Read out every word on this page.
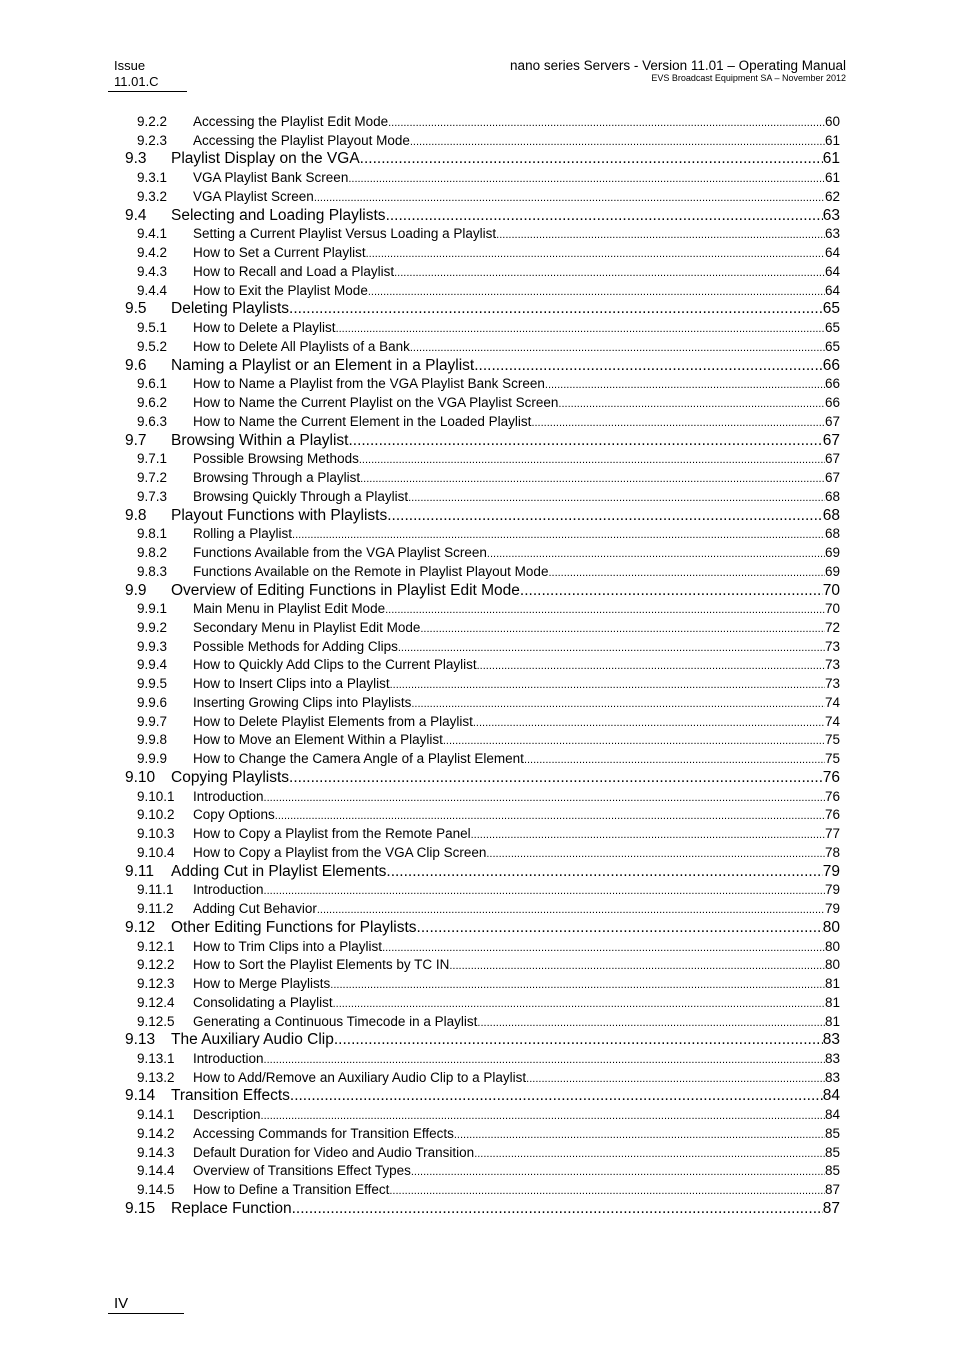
Issue
11.01.C
nano series Servers - Version 11.01 – Operating Manual
EVS Broadcast Equipment SA – November 2012
9.2.2	Accessing the Playlist Edit Mode .....	60
9.2.3	Accessing the Playlist Playout Mode .....	61
9.3	Playlist Display on the VGA .....	61
9.3.1	VGA Playlist Bank Screen .....	61
9.3.2	VGA Playlist Screen .....	62
9.4	Selecting and Loading Playlists .....	63
9.4.1	Setting a Current Playlist Versus Loading a Playlist .....	63
9.4.2	How to Set a Current Playlist .....	64
9.4.3	How to Recall and Load a Playlist .....	64
9.4.4	How to Exit the Playlist Mode .....	64
9.5	Deleting Playlists .....	65
9.5.1	How to Delete a Playlist .....	65
9.5.2	How to Delete All Playlists of a Bank .....	65
9.6	Naming a Playlist or an Element in a Playlist .....	66
9.6.1	How to Name a Playlist from the VGA Playlist Bank Screen .....	66
9.6.2	How to Name the Current Playlist on the VGA Playlist Screen .....	66
9.6.3	How to Name the Current Element in the Loaded Playlist .....	67
9.7	Browsing Within a Playlist .....	67
9.7.1	Possible Browsing Methods .....	67
9.7.2	Browsing Through a Playlist .....	67
9.7.3	Browsing Quickly Through a Playlist .....	68
9.8	Playout Functions with Playlists .....	68
9.8.1	Rolling a Playlist .....	68
9.8.2	Functions Available from the VGA Playlist Screen .....	69
9.8.3	Functions Available on the Remote in Playlist Playout Mode .....	69
9.9	Overview of Editing Functions in Playlist Edit Mode .....	70
9.9.1	Main Menu in Playlist Edit Mode .....	70
9.9.2	Secondary Menu in Playlist Edit Mode .....	72
9.9.3	Possible Methods for Adding Clips .....	73
9.9.4	How to Quickly Add Clips to the Current Playlist .....	73
9.9.5	How to Insert Clips into a Playlist .....	73
9.9.6	Inserting Growing Clips into Playlists .....	74
9.9.7	How to Delete Playlist Elements from a Playlist .....	74
9.9.8	How to Move an Element Within a Playlist .....	75
9.9.9	How to Change the Camera Angle of a Playlist Element .....	75
9.10	Copying Playlists .....	76
9.10.1	Introduction .....	76
9.10.2	Copy Options .....	76
9.10.3	How to Copy a Playlist from the Remote Panel .....	77
9.10.4	How to Copy a Playlist from the VGA Clip Screen .....	78
9.11	Adding Cut in Playlist Elements .....	79
9.11.1	Introduction .....	79
9.11.2	Adding Cut Behavior .....	79
9.12	Other Editing Functions for Playlists .....	80
9.12.1	How to Trim Clips into a Playlist .....	80
9.12.2	How to Sort the Playlist Elements by TC IN .....	80
9.12.3	How to Merge Playlists .....	81
9.12.4	Consolidating a Playlist .....	81
9.12.5	Generating a Continuous Timecode in a Playlist .....	81
9.13	The Auxiliary Audio Clip .....	83
9.13.1	Introduction .....	83
9.13.2	How to Add/Remove an Auxiliary Audio Clip to a Playlist .....	83
9.14	Transition Effects .....	84
9.14.1	Description .....	84
9.14.2	Accessing Commands for Transition Effects .....	85
9.14.3	Default Duration for Video and Audio Transition .....	85
9.14.4	Overview of Transitions Effect Types .....	85
9.14.5	How to Define a Transition Effect .....	87
9.15	Replace Function .....	87
IV
